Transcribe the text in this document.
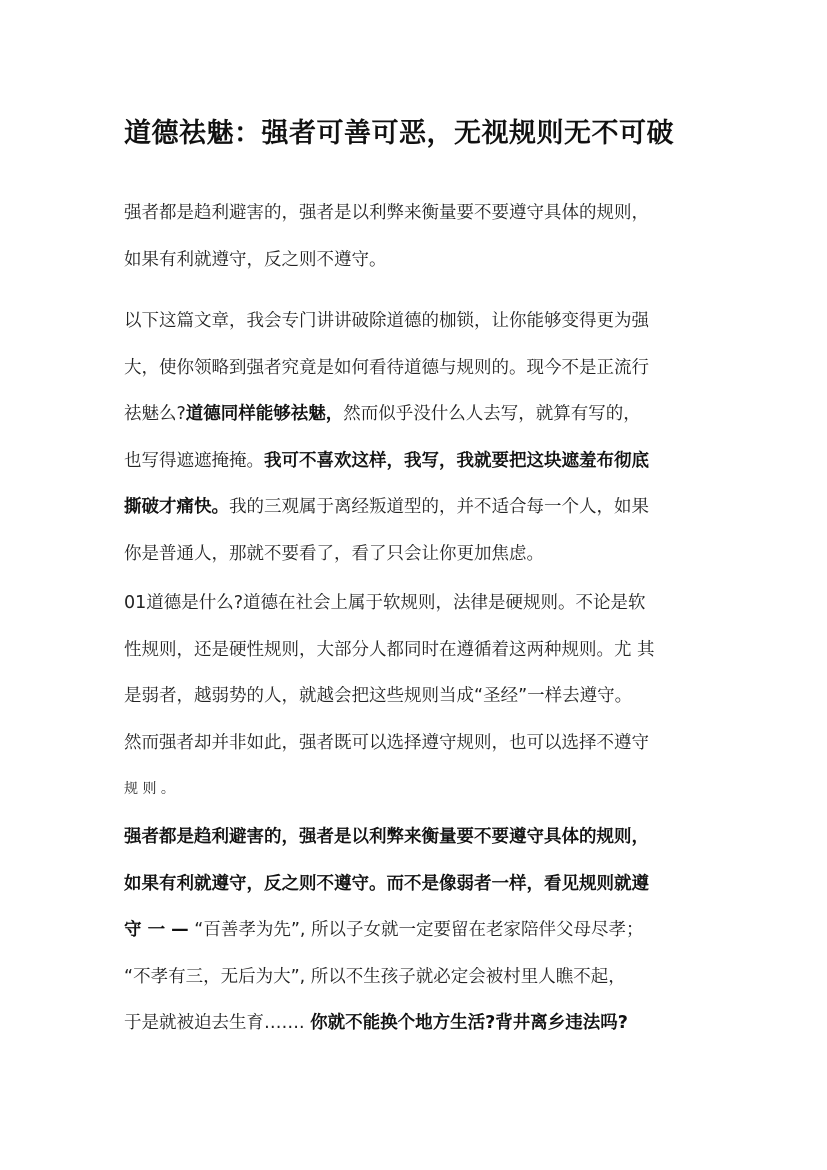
道德祛魅：强者可善可恶，无视规则无不可破

强者都是趋利避害的，强者是以利弊来衡量要不要遵守具体的规则，
如果有利就遵守，反之则不遵守。

以下这篇文章，我会专门讲讲破除道德的枷锁，让你能够变得更为强
大，使你领略到强者究竟是如何看待道德与规则的。现今不是正流行
祛魅么?道德同样能够祛魅，然而似乎没什么人去写，就算有写的，
也写得遮遮掩掩。我可不喜欢这样，我写，我就要把这块遮羞布彻底
撕破才痛快。我的三观属于离经叛道型的，并不适合每一个人，如果
你是普通人，那就不要看了，看了只会让你更加焦虑。

01道德是什么?道德在社会上属于软规则，法律是硬规则。不论是软
性规则，还是硬性规则，大部分人都同时在遵循着这两种规则。尤 其
是弱者，越弱势的人，就越会把这些规则当成“圣经”一样去遵守。
然而强者却并非如此，强者既可以选择遵守规则，也可以选择不遵守
规 则 。

强者都是趋利避害的，强者是以利弊来衡量要不要遵守具体的规则，
如果有利就遵守，反之则不遵守。而不是像弱者一样，看见规则就遵
守 一 — “百善孝为先”, 所以子女就一定要留在老家陪伴父母尽孝；
“不孝有三，无后为大”, 所以不生孩子就必定会被村里人瞧不起，
于是就被迫去生育……. 你就不能换个地方生活?背井离乡违法吗?
